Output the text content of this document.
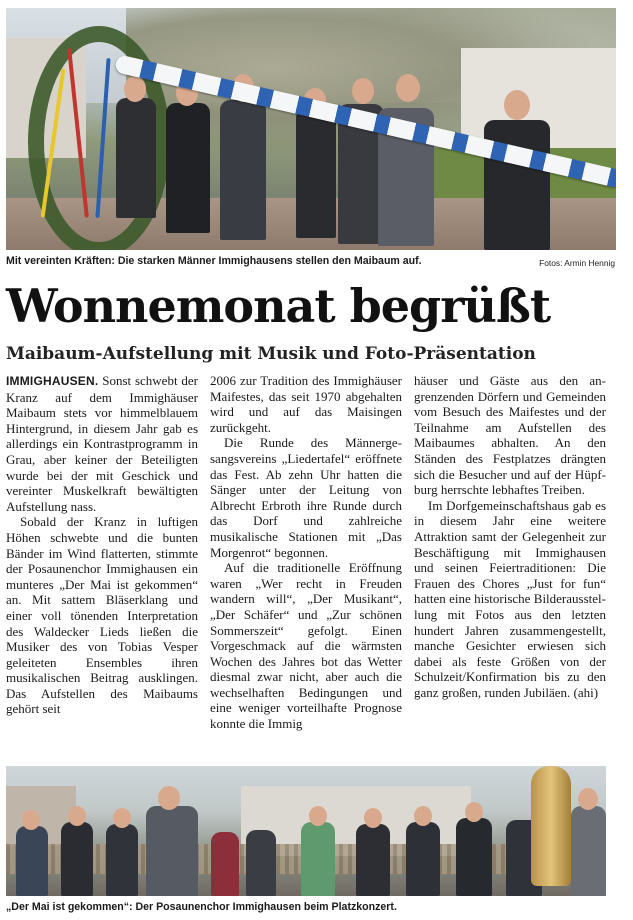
Mit vereinten Kräften: Die starken Männer Immighausens stellen den Maibaum auf.	Fotos: Armin Hennig
Wonnemonat begrüßt
Maibaum-Aufstellung mit Musik und Foto-Präsentation

IMMIGHAUSEN. Sonst schwebt der Kranz auf dem Immighäuser Maibaum stets vor himmelblauem Hintergrund, in diesem Jahr gab es allerdings ein Kontrastprogramm in Grau, aber keiner der Beteiligten wurde bei der mit Geschick und vereinter Muskelkraft bewältigten Aufstellung nass.

Sobald der Kranz in luftigen Höhen schwebte und die bunten Bänder im Wind flatterten, stimmte der Posaunenchor Immighausen ein munteres „Der Mai ist gekommen“ an. Mit sattem Bläserklang und einer voll tönenden Interpretation des Waldecker Lieds ließen die Musiker des von Tobias Vesper geleiteten Ensembles ihren musikalischen Beitrag ausklingen. Das Aufstellen des Maibaums gehört seit

2006 zur Tradition des Immighäuser Maifestes, das seit 1970 abgehalten wird und auf das Maisingen zurückgeht.

Die Runde des Männergesangsvereins „Liedertafel“ eröffnete das Fest. Ab zehn Uhr hatten die Sänger unter der Leitung von Albrecht Erbroth ihre Runde durch das Dorf und zahlreiche musikalische Stationen mit „Das Morgenrot“ begonnen.

Auf die traditionelle Eröffnung waren „Wer recht in Freuden wandern will“, „Der Musikant“, „Der Schäfer“ und „Zur schönen Sommerszeit“ gefolgt. Einen Vorgeschmack auf die wärmsten Wochen des Jahres bot das Wetter diesmal zwar nicht, aber auch die wechselhaften Bedingungen und eine weniger vorteilhafte Prognose konnte die Immig

häuser und Gäste aus den angrenzenden Dörfern und Gemeinden vom Besuch des Maifestes und der Teilnahme am Aufstellen des Maibaumes abhalten. An den Ständen des Festplatzes drängten sich die Besucher und auf der Hüpfburg herrschte lebhaftes Treiben.

Im Dorfgemeinschaftshaus gab es in diesem Jahr eine weitere Attraktion samt der Gelegenheit zur Beschäftigung mit Immighausen und seinen Feiertraditionen: Die Frauen des Chores „Just for fun“ hatten eine historische Bilderausstellung mit Fotos aus den letzten hundert Jahren zusammengestellt, manche Gesichter erwiesen sich dabei als feste Größen von der Schulzeit/Konfirmation bis zu den ganz großen, runden Jubiläen. (ahi)

„Der Mai ist gekommen“: Der Posaunenchor Immighausen beim Platzkonzert.
